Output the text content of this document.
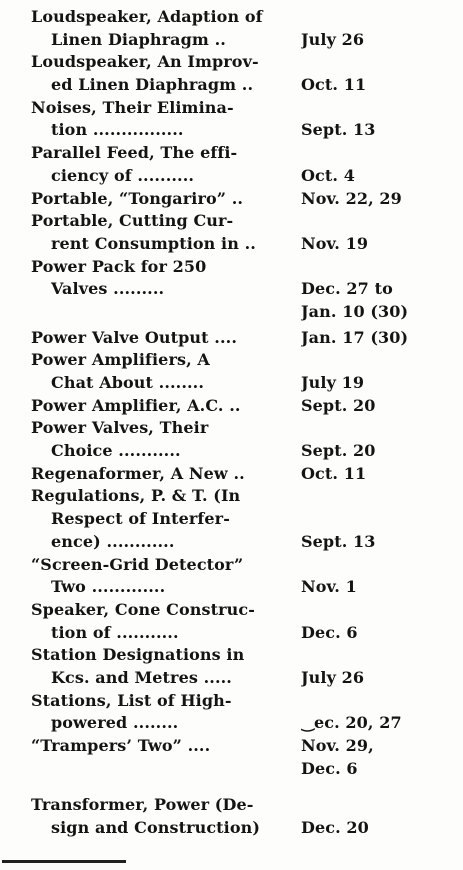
Loudspeaker, Adaption of
Linen Diaphragm ..	July 26
Loudspeaker, An Improv-
ed Linen Diaphragm ..	Oct. 11
Noises, Their Elimina-
tion ................	Sept. 13
Parallel Feed, The effi-
ciency of ..........	Oct. 4
Portable, “Tongariro” ..	Nov. 22, 29
Portable, Cutting Cur-
rent Consumption in ..	Nov. 19
Power Pack for 250
Valves .........	Dec. 27 to
Jan. 10 (30)
Power Valve Output ....	Jan. 17 (30)
Power Amplifiers, A
Chat About ........	July 19
Power Amplifier, A.C. ..	Sept. 20
Power Valves, Their
Choice ...........	Sept. 20
Regenaformer, A New ..	Oct. 11
Regulations, P. & T. (In
Respect of Interfer-
ence) ............	Sept. 13
“Screen-Grid Detector”
Two .............	Nov. 1
Speaker, Cone Construc-
tion of ...........	Dec. 6
Station Designations in
Kcs. and Metres .....	July 26
Stations, List of High-
powered ........	‿ec. 20, 27
“Trampers’ Two” ....	Nov. 29,
Dec. 6
Transformer, Power (De-
sign and Construction)	Dec. 20
